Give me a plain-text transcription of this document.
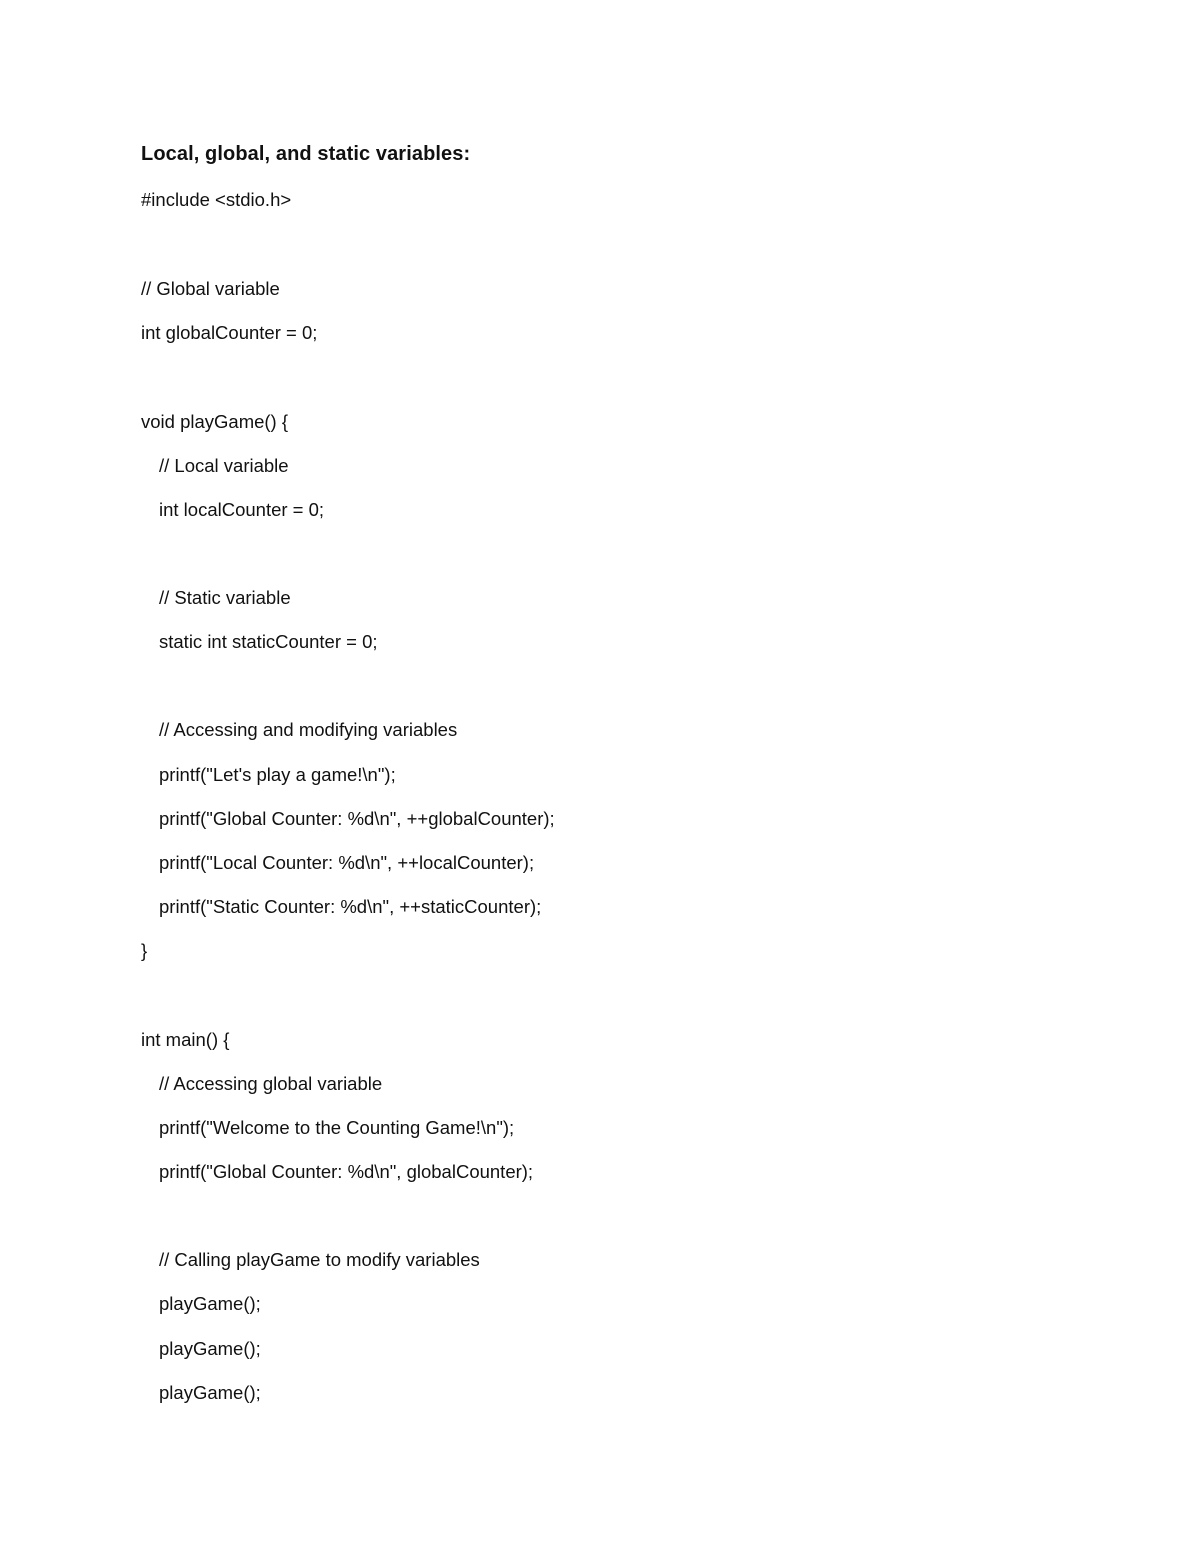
Local, global, and static variables:
#include <stdio.h>
// Global variable
int globalCounter = 0;
void playGame() {
// Local variable
int localCounter = 0;
// Static variable
static int staticCounter = 0;
// Accessing and modifying variables
printf("Let's play a game!\n");
printf("Global Counter: %d\n", ++globalCounter);
printf("Local Counter: %d\n", ++localCounter);
printf("Static Counter: %d\n", ++staticCounter);
}
int main() {
// Accessing global variable
printf("Welcome to the Counting Game!\n");
printf("Global Counter: %d\n", globalCounter);
// Calling playGame to modify variables
playGame();
playGame();
playGame();
